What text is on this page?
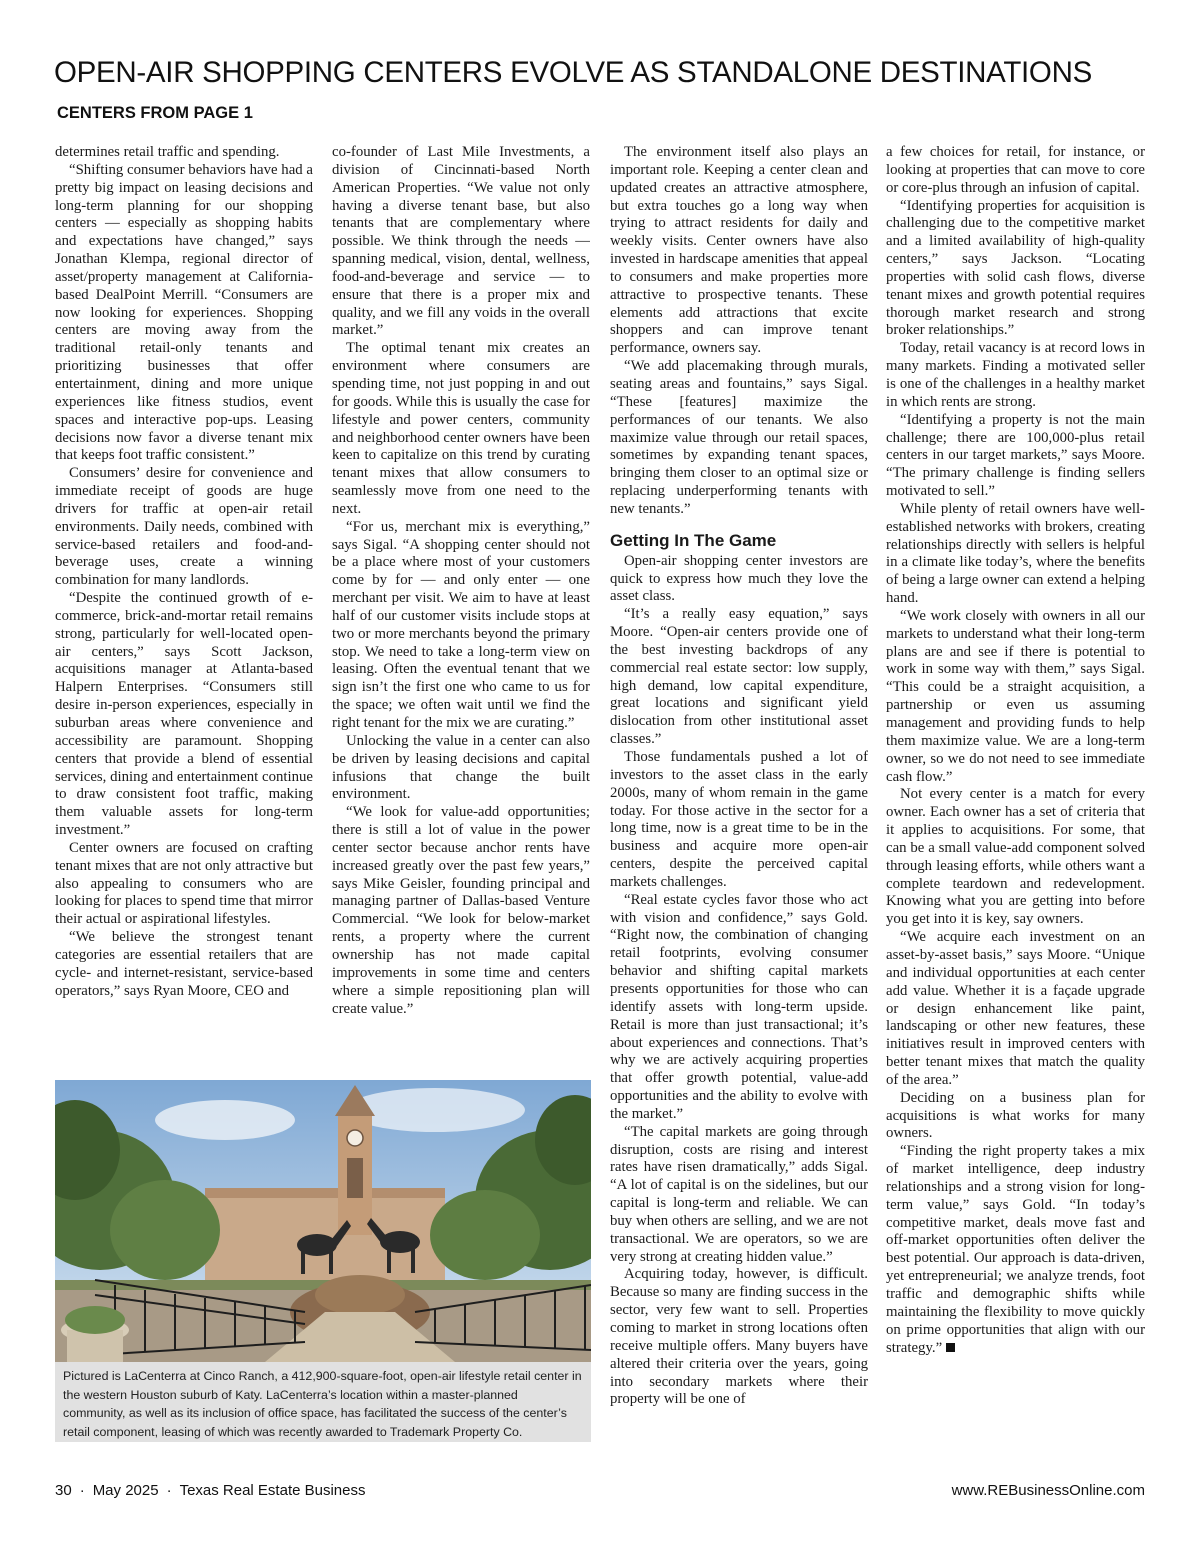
OPEN-AIR SHOPPING CENTERS EVOLVE AS STANDALONE DESTINATIONS
CENTERS FROM PAGE 1

determines retail traffic and spending.

“Shifting consumer behaviors have had a pretty big impact on leasing decisions and long-term planning for our shopping centers — especially as shopping habits and expectations have changed,” says Jonathan Klempa, regional director of asset/property management at California-based DealPoint Merrill. “Consumers are now looking for experiences. Shopping centers are moving away from the traditional retail-only tenants and prioritizing businesses that offer entertainment, dining and more unique experiences like fitness studios, event spaces and interactive pop-ups. Leasing decisions now favor a diverse tenant mix that keeps foot traffic consistent.”

Consumers’ desire for convenience and immediate receipt of goods are huge drivers for traffic at open-air retail environments. Daily needs, combined with service-based retailers and food-and-beverage uses, create a winning combination for many landlords.

“Despite the continued growth of e-commerce, brick-and-mortar retail remains strong, particularly for well-located open-air centers,” says Scott Jackson, acquisitions manager at Atlanta-based Halpern Enterprises. “Consumers still desire in-person experiences, especially in suburban areas where convenience and accessibility are paramount. Shopping centers that provide a blend of essential services, dining and entertainment continue to draw consistent foot traffic, making them valuable assets for long-term investment.”

Center owners are focused on crafting tenant mixes that are not only attractive but also appealing to consumers who are looking for places to spend time that mirror their actual or aspirational lifestyles.

“We believe the strongest tenant categories are essential retailers that are cycle- and internet-resistant, service-based operators,” says Ryan Moore, CEO and

co-founder of Last Mile Investments, a division of Cincinnati-based North American Properties. “We value not only having a diverse tenant base, but also tenants that are complementary where possible. We think through the needs — spanning medical, vision, dental, wellness, food-and-beverage and service — to ensure that there is a proper mix and quality, and we fill any voids in the overall market.”

The optimal tenant mix creates an environment where consumers are spending time, not just popping in and out for goods. While this is usually the case for lifestyle and power centers, community and neighborhood center owners have been keen to capitalize on this trend by curating tenant mixes that allow consumers to seamlessly move from one need to the next.

“For us, merchant mix is everything,” says Sigal. “A shopping center should not be a place where most of your customers come by for — and only enter — one merchant per visit. We aim to have at least half of our customer visits include stops at two or more merchants beyond the primary stop. We need to take a long-term view on leasing. Often the eventual tenant that we sign isn’t the first one who came to us for the space; we often wait until we find the right tenant for the mix we are curating.”

Unlocking the value in a center can also be driven by leasing decisions and capital infusions that change the built environment.

“We look for value-add opportunities; there is still a lot of value in the power center sector because anchor rents have increased greatly over the past few years,” says Mike Geisler, founding principal and managing partner of Dallas-based Venture Commercial. “We look for below-market rents, a property where the current ownership has not made capital improvements in some time and centers where a simple repositioning plan will create value.”

The environment itself also plays an important role. Keeping a center clean and updated creates an attractive atmosphere, but extra touches go a long way when trying to attract residents for daily and weekly visits. Center owners have also invested in hardscape amenities that appeal to consumers and make properties more attractive to prospective tenants. These elements add attractions that excite shoppers and can improve tenant performance, owners say.

“We add placemaking through murals, seating areas and fountains,” says Sigal. “These [features] maximize the performances of our tenants. We also maximize value through our retail spaces, sometimes by expanding tenant spaces, bringing them closer to an optimal size or replacing underperforming tenants with new tenants.”

Getting In The Game

Open-air shopping center investors are quick to express how much they love the asset class.

“It’s a really easy equation,” says Moore. “Open-air centers provide one of the best investing backdrops of any commercial real estate sector: low supply, high demand, low capital expenditure, great locations and significant yield dislocation from other institutional asset classes.”

Those fundamentals pushed a lot of investors to the asset class in the early 2000s, many of whom remain in the game today. For those active in the sector for a long time, now is a great time to be in the business and acquire more open-air centers, despite the perceived capital markets challenges.

“Real estate cycles favor those who act with vision and confidence,” says Gold. “Right now, the combination of changing retail footprints, evolving consumer behavior and shifting capital markets presents opportunities for those who can identify assets with long-term upside. Retail is more than just transactional; it’s about experiences and connections. That’s why we are actively acquiring properties that offer growth potential, value-add opportunities and the ability to evolve with the market.”

“The capital markets are going through disruption, costs are rising and interest rates have risen dramatically,” adds Sigal. “A lot of capital is on the sidelines, but our capital is long-term and reliable. We can buy when others are selling, and we are not transactional. We are operators, so we are very strong at creating hidden value.”

Acquiring today, however, is difficult. Because so many are finding success in the sector, very few want to sell. Properties coming to market in strong locations often receive multiple offers. Many buyers have altered their criteria over the years, going into secondary markets where their property will be one of

a few choices for retail, for instance, or looking at properties that can move to core or core-plus through an infusion of capital.

“Identifying properties for acquisition is challenging due to the competitive market and a limited availability of high-quality centers,” says Jackson. “Locating properties with solid cash flows, diverse tenant mixes and growth potential requires thorough market research and strong broker relationships.”

Today, retail vacancy is at record lows in many markets. Finding a motivated seller is one of the challenges in a healthy market in which rents are strong.

“Identifying a property is not the main challenge; there are 100,000-plus retail centers in our target markets,” says Moore. “The primary challenge is finding sellers motivated to sell.”

While plenty of retail owners have well-established networks with brokers, creating relationships directly with sellers is helpful in a climate like today’s, where the benefits of being a large owner can extend a helping hand.

“We work closely with owners in all our markets to understand what their long-term plans are and see if there is potential to work in some way with them,” says Sigal. “This could be a straight acquisition, a partnership or even us assuming management and providing funds to help them maximize value. We are a long-term owner, so we do not need to see immediate cash flow.”

Not every center is a match for every owner. Each owner has a set of criteria that it applies to acquisitions. For some, that can be a small value-add component solved through leasing efforts, while others want a complete teardown and redevelopment. Knowing what you are getting into before you get into it is key, say owners.

“We acquire each investment on an asset-by-asset basis,” says Moore. “Unique and individual opportunities at each center add value. Whether it is a façade upgrade or design enhancement like paint, landscaping or other new features, these initiatives result in improved centers with better tenant mixes that match the quality of the area.”

Deciding on a business plan for acquisitions is what works for many owners.

“Finding the right property takes a mix of market intelligence, deep industry relationships and a strong vision for long-term value,” says Gold. “In today’s competitive market, deals move fast and off-market opportunities often deliver the best potential. Our approach is data-driven, yet entrepreneurial; we analyze trends, foot traffic and demographic shifts while maintaining the flexibility to move quickly on prime opportunities that align with our strategy.”

Pictured is LaCenterra at Cinco Ranch, a 412,900-square-foot, open-air lifestyle retail center in the western Houston suburb of Katy. LaCenterra’s location within a master-planned community, as well as its inclusion of office space, has facilitated the success of the center’s retail component, leasing of which was recently awarded to Trademark Property Co.
30 · May 2025 · Texas Real Estate Business	www.REBusinessOnline.com
